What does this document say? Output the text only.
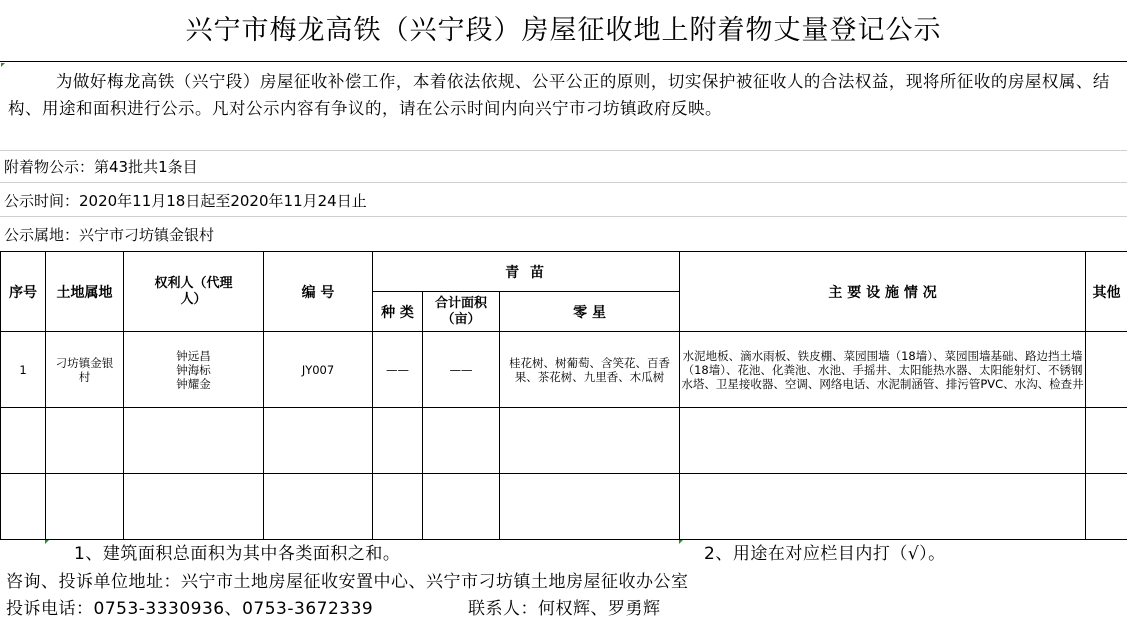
兴宁市梅龙高铁（兴宁段）房屋征收地上附着物丈量登记公示
为做好梅龙高铁（兴宁段）房屋征收补偿工作，本着依法依规、公平公正的原则，切实保护被征收人的合法权益，现将所征收的房屋权属、结构、用途和面积进行公示。凡对公示内容有争议的，请在公示时间内向兴宁市刁坊镇政府反映。
附着物公示：第43批共1条目
公示时间：2020年11月18日起至2020年11月24日止
公示属地：兴宁市刁坊镇金银村
序号	土地属地	权利人（代理人）	编 号	青 苗			主 要 设 施 情 况	其他
				种 类	合计面积（亩）	零 星		
1	刁坊镇金银村	钟远昌
钟海标
钟耀金	JY007	——	——	桂花树、树葡萄、含笑花、百香果、茶花树、九里香、木瓜树	水泥地板、滴水雨板、铁皮棚、菜园围墙（18墙）、菜园围墙基础、路边挡土墙（18墙）、花池、化粪池、水池、手摇井、太阳能热水器、太阳能射灯、不锈钢水塔、卫星接收器、空调、网络电话、水泥制涵管、排污管PVC、水沟、检查井	

1、建筑面积总面积为其中各类面积之和。	2、用途在对应栏目内打（√）。
咨询、投诉单位地址：兴宁市土地房屋征收安置中心、兴宁市刁坊镇土地房屋征收办公室
投诉电话：0753-3330936、0753-3672339	联系人：何权辉、罗勇辉
